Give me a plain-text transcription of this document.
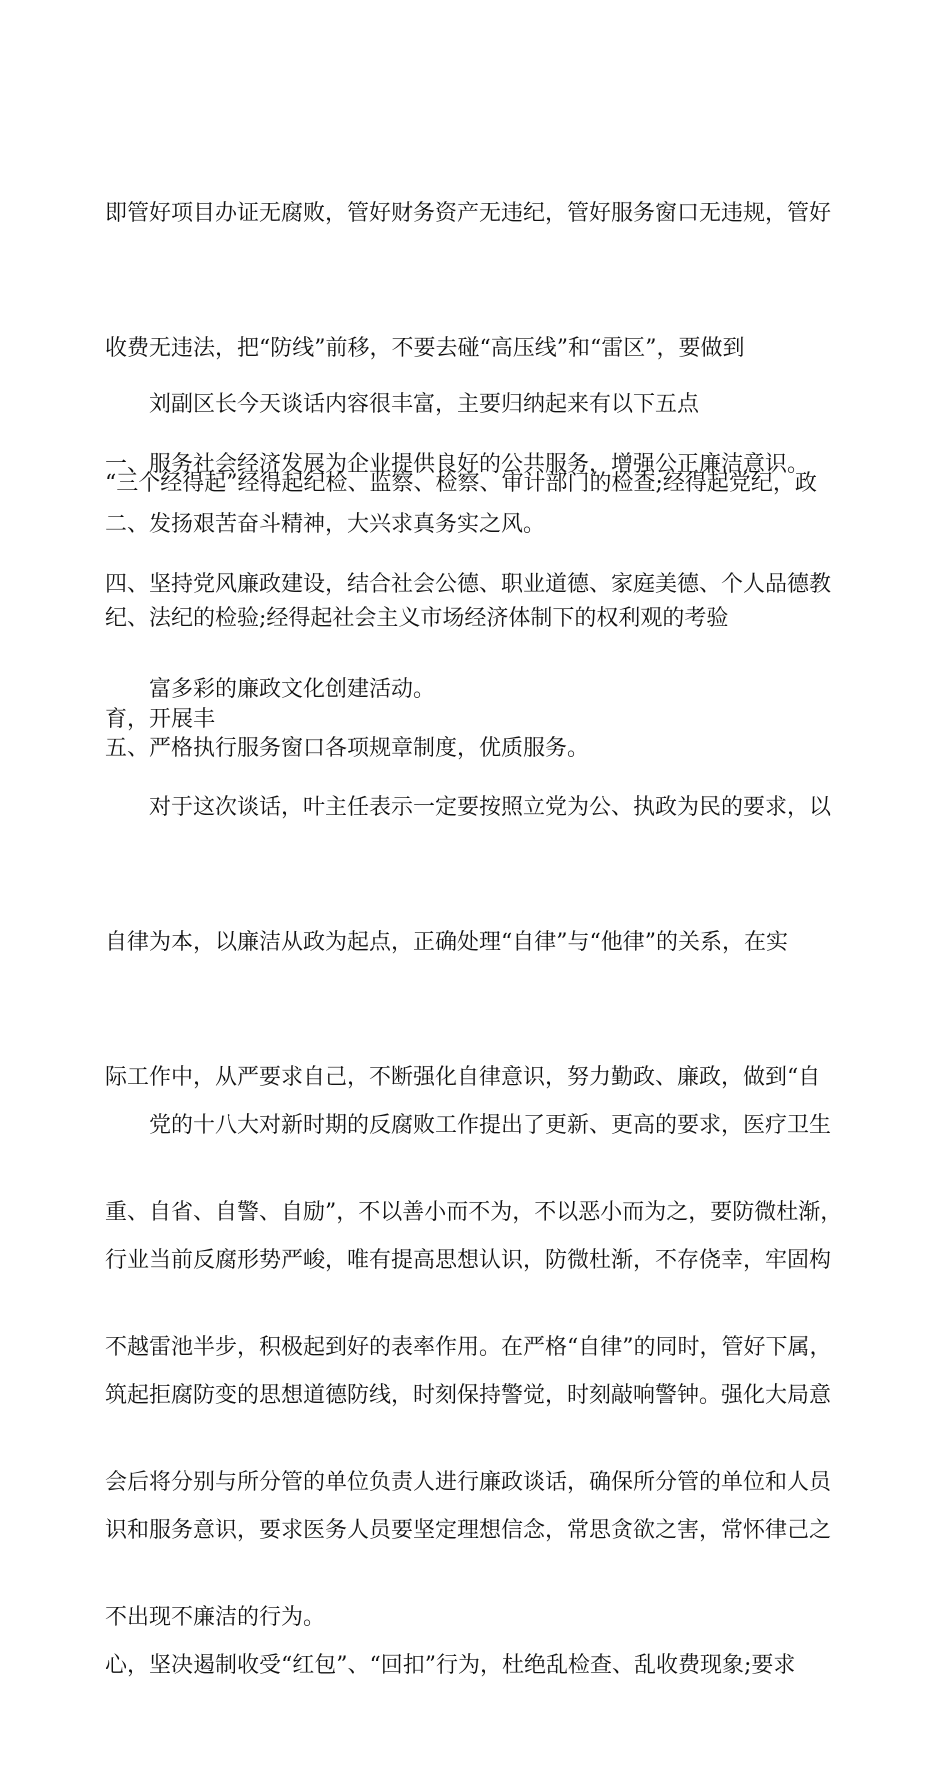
即管好项目办证无腐败，管好财务资产无违纪，管好服务窗口无违规，管好

收费无违法，把“防线”前移，不要去碰“高压线”和“雷区”，要做到

“三个经得起”经得起纪检、监察、检察、审计部门的检查;经得起党纪，政

纪、法纪的检验;经得起社会主义市场经济体制下的权利观的考验

刘副区长今天谈话内容很丰富，主要归纳起来有以下五点

一、服务社会经济发展为企业提供良好的公共服务，增强公正廉洁意识。

二、发扬艰苦奋斗精神，大兴求真务实之风。

四、坚持党风廉政建设，结合社会公德、职业道德、家庭美德、个人品德教

育，开展丰

富多彩的廉政文化创建活动。

五、严格执行服务窗口各项规章制度，优质服务。

对于这次谈话，叶主任表示一定要按照立党为公、执政为民的要求，以

自律为本，以廉洁从政为起点，正确处理“自律”与“他律”的关系，在实

际工作中，从严要求自己，不断强化自律意识，努力勤政、廉政，做到“自

重、自省、自警、自励”，不以善小而不为，不以恶小而为之，要防微杜渐，

不越雷池半步，积极起到好的表率作用。在严格“自律”的同时，管好下属，

会后将分别与所分管的单位负责人进行廉政谈话，确保所分管的单位和人员

不出现不廉洁的行为。

党的十八大对新时期的反腐败工作提出了更新、更高的要求，医疗卫生

行业当前反腐形势严峻，唯有提高思想认识，防微杜渐，不存侥幸，牢固构

筑起拒腐防变的思想道德防线，时刻保持警觉，时刻敲响警钟。强化大局意

识和服务意识，要求医务人员要坚定理想信念，常思贪欲之害，常怀律己之

心，坚决遏制收受“红包”、“回扣”行为，杜绝乱检查、乱收费现象;要求
